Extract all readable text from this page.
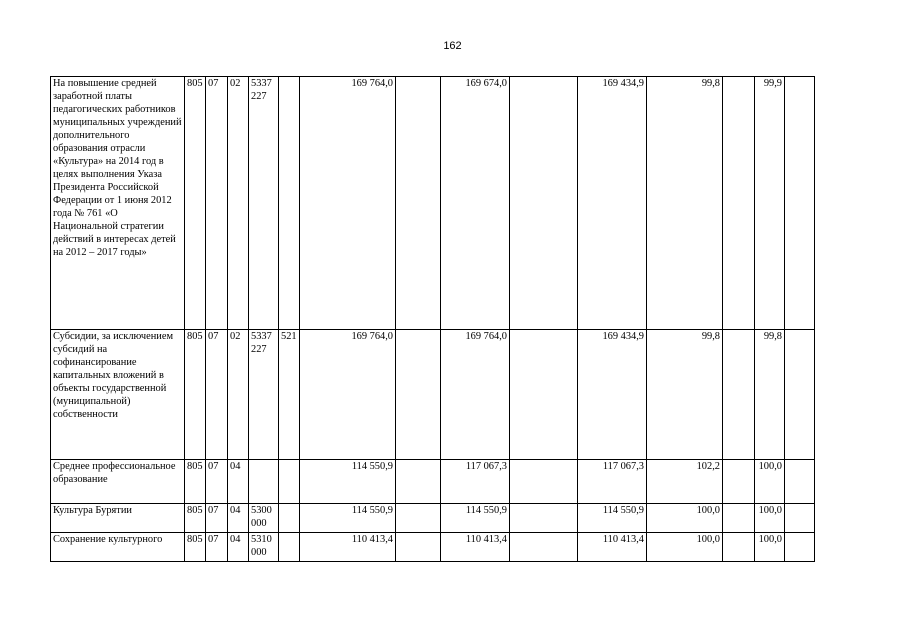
162
На повышение средней заработной платы педагогических работников муниципальных учреждений дополнительного образования отрасли «Культура» на 2014 год в целях выполнения Указа Президента Российской Федерации от 1 июня 2012 года № 761 «О Национальной стратегии действий в интересах детей на 2012 – 2017 годы»	805	07	02	5337 227		169 764,0		169 674,0		169 434,9	99,8		99,9	
Субсидии, за исключением субсидий на софинансирование капитальных вложений в объекты государственной (муниципальной) собственности	805	07	02	5337 227	521	169 764,0		169 764,0		169 434,9	99,8		99,8	
Среднее профессиональное образование	805	07	04			114 550,9		117 067,3		117 067,3	102,2		100,0	
Культура Бурятии	805	07	04	5300 000		114 550,9		114 550,9		114 550,9	100,0		100,0	
Сохранение культурного	805	07	04	5310 000		110 413,4		110 413,4		110 413,4	100,0		100,0	
